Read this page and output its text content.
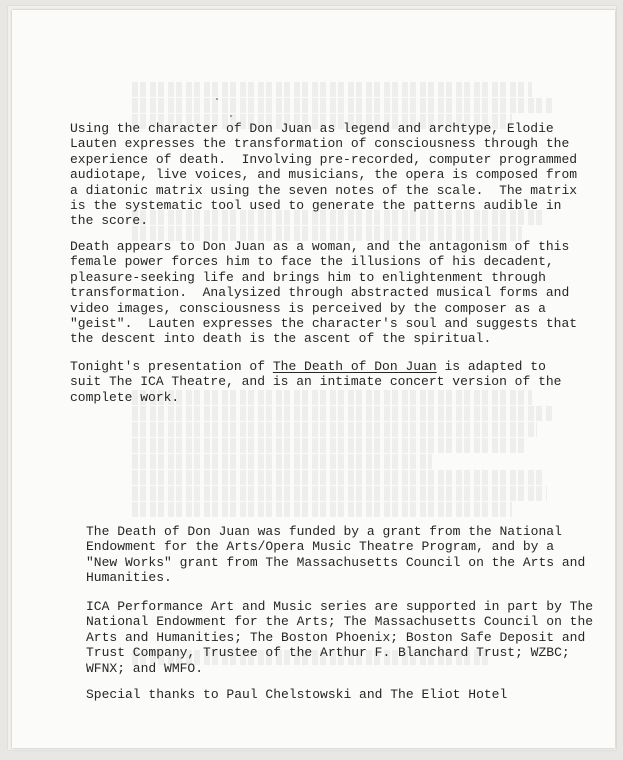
Using the character of Don Juan as legend and archtype, Elodie
Lauten expresses the transformation of consciousness through the
experience of death.  Involving pre-recorded, computer programmed
audiotape, live voices, and musicians, the opera is composed from
a diatonic matrix using the seven notes of the scale.  The matrix
is the systematic tool used to generate the patterns audible in
the score.
Death appears to Don Juan as a woman, and the antagonism of this
female power forces him to face the illusions of his decadent,
pleasure-seeking life and brings him to enlightenment through
transformation.  Analysized through abstracted musical forms and
video images, consciousness is perceived by the composer as a
"geist".  Lauten expresses the character's soul and suggests that
the descent into death is the ascent of the spiritual.
Tonight's presentation of The Death of Don Juan is adapted to
suit The ICA Theatre, and is an intimate concert version of the
complete work.
The Death of Don Juan was funded by a grant from the National
Endowment for the Arts/Opera Music Theatre Program, and by a
"New Works" grant from The Massachusetts Council on the Arts and
Humanities.
ICA Performance Art and Music series are supported in part by The
National Endowment for the Arts; The Massachusetts Council on the
Arts and Humanities; The Boston Phoenix; Boston Safe Deposit and
Trust Company, Trustee of the Arthur F. Blanchard Trust; WZBC;
WFNX; and WMFO.
Special thanks to Paul Chelstowski and The Eliot Hotel
